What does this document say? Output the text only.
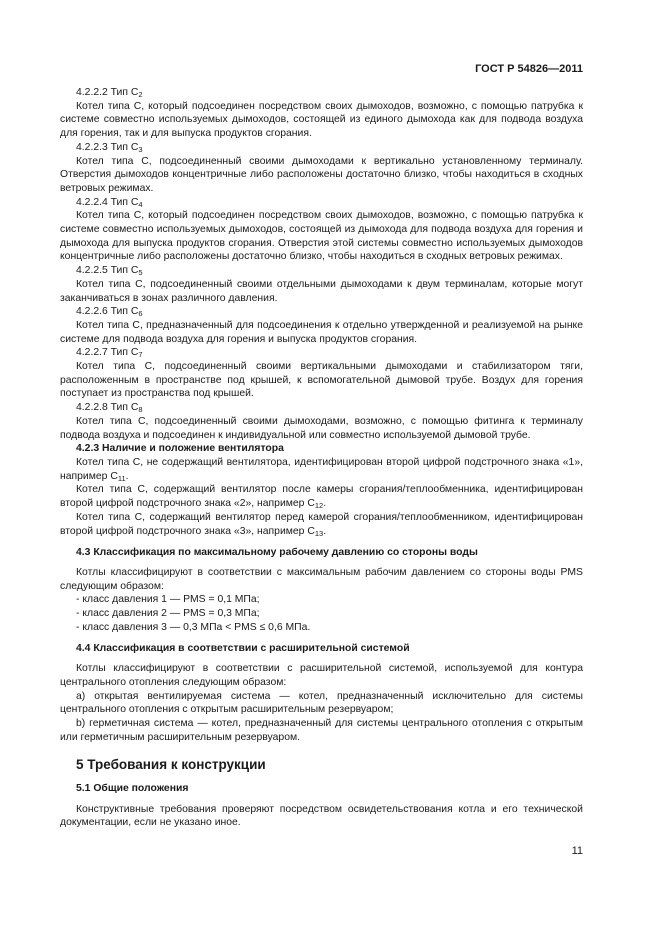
ГОСТ Р 54826—2011

4.2.2.2 Тип $С_2$

Котел типа С, который подсоединен посредством своих дымоходов, возможно, с помощью патрубка к системе совместно используемых дымоходов, состоящей из единого дымохода как для подвода воздуха для горения, так и для выпуска продуктов сгорания.

4.2.2.3 Тип $С_3$

Котел типа С, подсоединенный своими дымоходами к вертикально установленному терминалу. Отверстия дымоходов концентричные либо расположены достаточно близко, чтобы находиться в сходных ветровых режимах.

4.2.2.4 Тип $С_4$

Котел типа С, который подсоединен посредством своих дымоходов, возможно, с помощью патрубка к системе совместно используемых дымоходов, состоящей из дымохода для подвода воздуха для горения и дымохода для выпуска продуктов сгорания. Отверстия этой системы совместно используемых дымоходов концентричные либо расположены достаточно близко, чтобы находиться в сходных ветровых режимах.

4.2.2.5 Тип $С_5$

Котел типа С, подсоединенный своими отдельными дымоходами к двум терминалам, которые могут заканчиваться в зонах различного давления.

4.2.2.6 Тип $С_6$

Котел типа С, предназначенный для подсоединения к отдельно утвержденной и реализуемой на рынке системе для подвода воздуха для горения и выпуска продуктов сгорания.

4.2.2.7 Тип $С_7$

Котел типа С, подсоединенный своими вертикальными дымоходами и стабилизатором тяги, расположенным в пространстве под крышей, к вспомогательной дымовой трубе. Воздух для горения поступает из пространства под крышей.

4.2.2.8 Тип $С_8$

Котел типа С, подсоединенный своими дымоходами, возможно, с помощью фитинга к терминалу подвода воздуха и подсоединен к индивидуальной или совместно используемой дымовой трубе.

4.2.3 Наличие и положение вентилятора

Котел типа С, не содержащий вентилятора, идентифицирован второй цифрой подстрочного знака «1», например $С_{11}$.

Котел типа С, содержащий вентилятор после камеры сгорания/теплообменника, идентифицирован второй цифрой подстрочного знака «2», например $С_{12}$.

Котел типа С, содержащий вентилятор перед камерой сгорания/теплообменником, идентифицирован второй цифрой подстрочного знака «3», например $С_{13}$.

4.3 Классификация по максимальному рабочему давлению со стороны воды

Котлы классифицируют в соответствии с максимальным рабочим давлением со стороны воды PMS следующим образом:

- класс давления 1 — PMS = 0,1 МПа;

- класс давления 2 — PMS = 0,3 МПа;

- класс давления 3 — 0,3 МПа < PMS ≤ 0,6 МПа.

4.4 Классификация в соответствии с расширительной системой

Котлы классифицируют в соответствии с расширительной системой, используемой для контура центрального отопления следующим образом:

а) открытая вентилируемая система — котел, предназначенный исключительно для системы центрального отопления с открытым расширительным резервуаром;

b) герметичная система — котел, предназначенный для системы центрального отопления с открытым или герметичным расширительным резервуаром.

5 Требования к конструкции

5.1 Общие положения

Конструктивные требования проверяют посредством освидетельствования котла и его технической документации, если не указано иное.

11
